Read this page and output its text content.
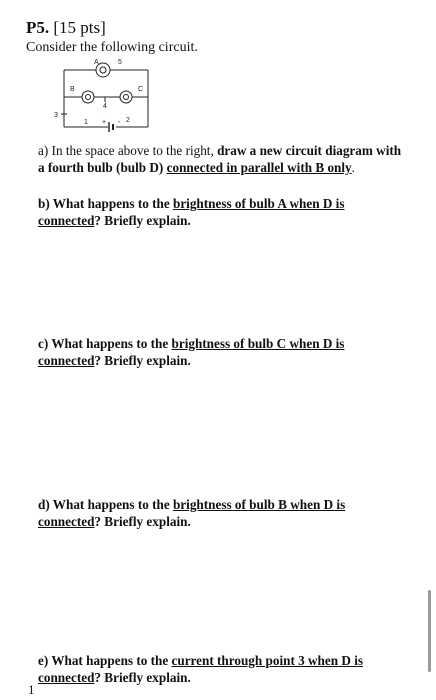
P5. [15 pts]
Consider the following circuit.
A	5
B	C
4
3
1 + - 2
a) In the space above to the right, draw a new circuit diagram with a fourth bulb (bulb D) connected in parallel with B only.
b) What happens to the brightness of bulb A when D is connected? Briefly explain.
c) What happens to the brightness of bulb C when D is connected? Briefly explain.
d) What happens to the brightness of bulb B when D is connected? Briefly explain.
e) What happens to the current through point 3 when D is connected? Briefly explain.
1
